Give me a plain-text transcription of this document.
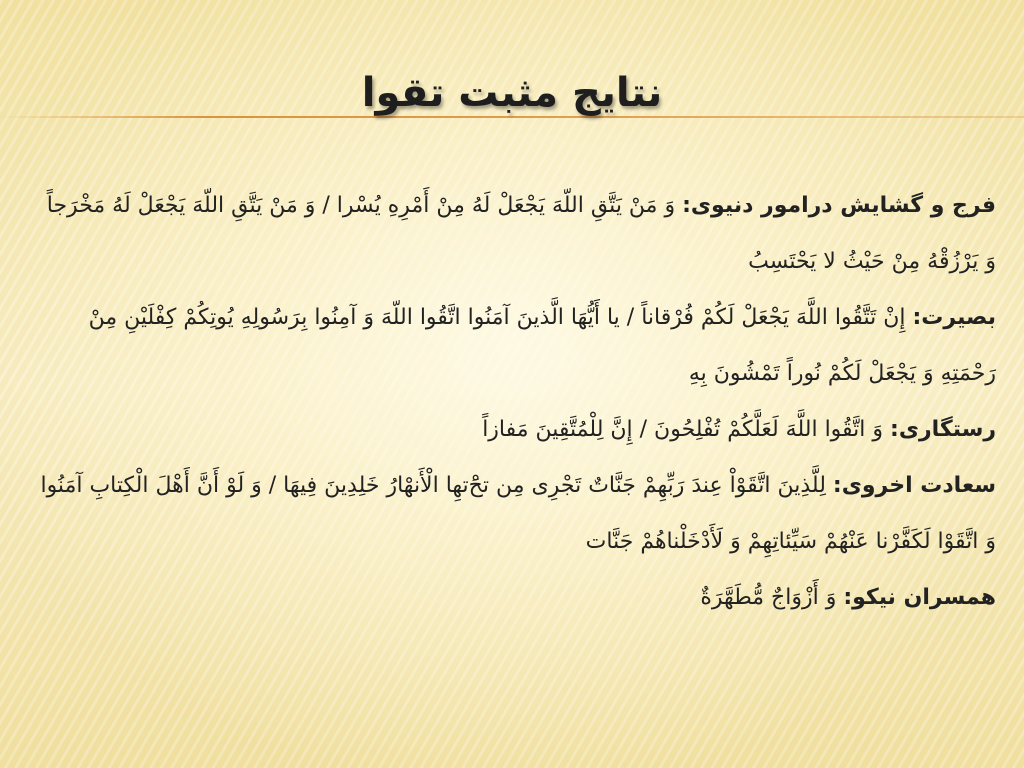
نتایج مثبت تقوا

فرج و گشایش درامور دنیوی: وَ مَنْ يَتَّقِ اللّهَ يَجْعَلْ لَهُ مِنْ أَمْرِهِ يُسْرا / وَ مَنْ يَتَّقِ اللّهَ يَجْعَلْ لَهُ مَخْرَجاً وَ يَرْزُقْهُ مِنْ حَيْثُ لا يَحْتَسِبُ

بصیرت: إِنْ تَتَّقُوا اللَّهَ يَجْعَلْ لَكُمْ فُرْقاناً / يا أَيُّهَا الَّذينَ آمَنُوا اتَّقُوا اللّهَ وَ آمِنُوا بِرَسُولِهِ يُوتِكُمْ كِفْلَيْنِ مِنْ رَحْمَتِهِ وَ يَجْعَلْ لَكُمْ نُوراً تَمْشُونَ بِهِ

رستگاری: وَ اتَّقُوا اللَّهَ لَعَلَّكُمْ تُفْلِحُونَ / إِنَّ لِلْمُتَّقِينَ مَفازاً

سعادت اخروی: لِلَّذِينَ اتَّقَوْاْ عِندَ رَبِّهِمْ جَنَّاتٌ تَجْرِى مِن تحَ‌ْتهِا الْأَنهْارُ خَلِدِينَ فِيهَا / وَ لَوْ أَنَّ أَهْلَ الْكِتابِ آمَنُوا وَ اتَّقَوْا لَكَفَّرْنا عَنْهُمْ سَيِّئاتِهِمْ وَ لَأَدْخَلْناهُمْ جَنَّات

همسران نیکو: وَ أَزْوَاجٌ مُّطَهَّرَةٌ
